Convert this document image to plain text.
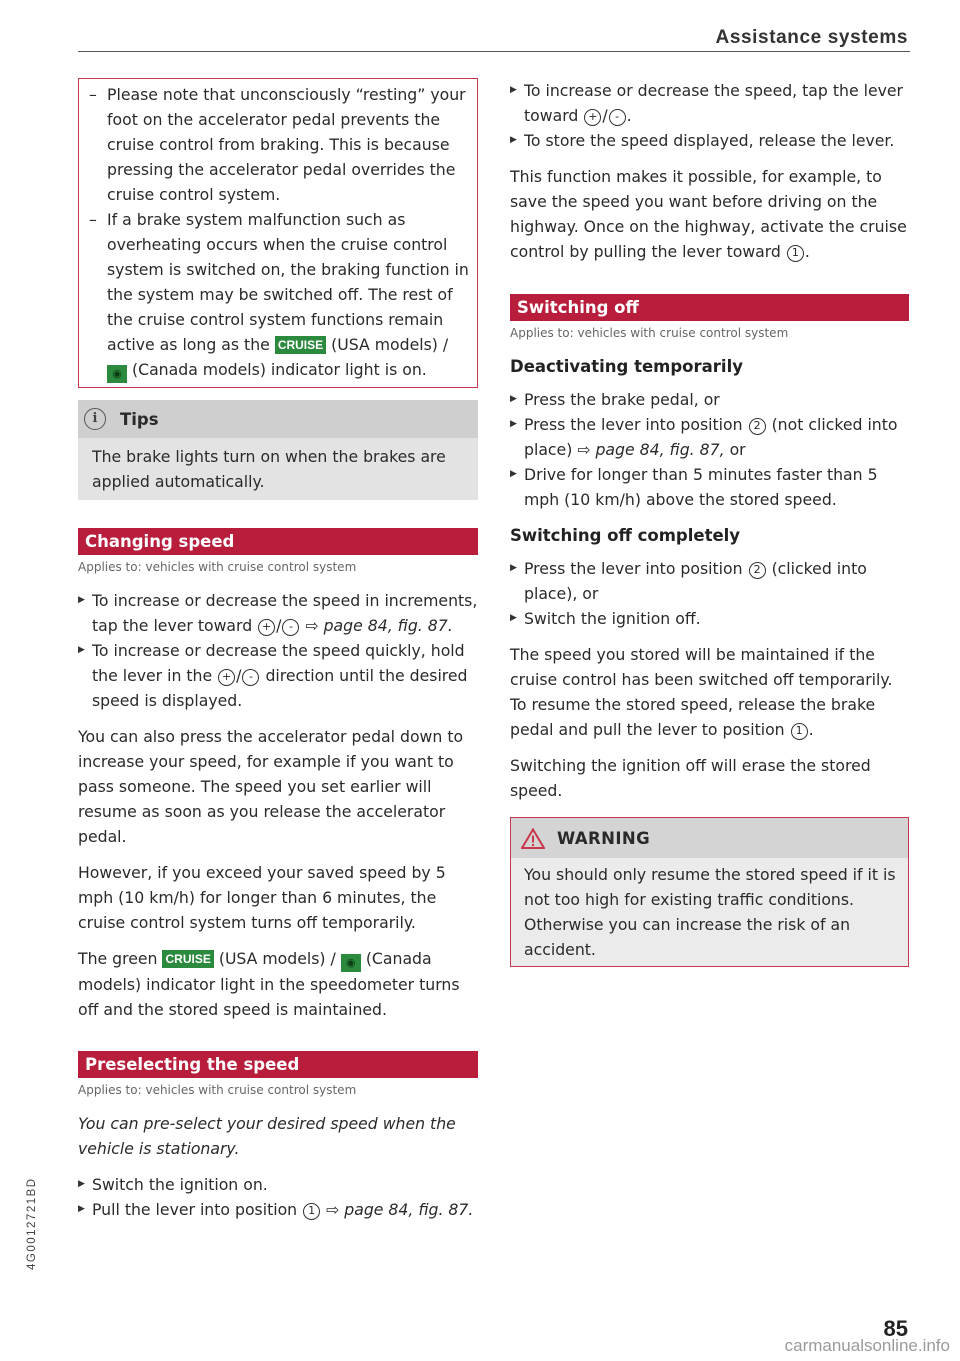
Assistance systems
– Please note that unconsciously “resting” your foot on the accelerator pedal prevents the cruise control from braking. This is because pressing the accelerator pedal overrides the cruise control system.
– If a brake system malfunction such as overheating occurs when the cruise control system is switched on, the braking function in the system may be switched off. The rest of the cruise control system functions remain active as long as the CRUISE (USA models) / ◉ (Canada models) indicator light is on.
i	Tips
The brake lights turn on when the brakes are applied automatically.
Changing speed
Applies to: vehicles with cruise control system
▶ To increase or decrease the speed in increments, tap the lever toward + / - ⇨ page 84, fig. 87.
▶ To increase or decrease the speed quickly, hold the lever in the + / - direction until the desired speed is displayed.
You can also press the accelerator pedal down to increase your speed, for example if you want to pass someone. The speed you set earlier will resume as soon as you release the accelerator pedal.
However, if you exceed your saved speed by 5 mph (10 km/h) for longer than 6 minutes, the cruise control system turns off temporarily.
The green CRUISE (USA models) / ◉ (Canada models) indicator light in the speedometer turns off and the stored speed is maintained.
Preselecting the speed
Applies to: vehicles with cruise control system
You can pre-select your desired speed when the vehicle is stationary.
▶ Switch the ignition on.
▶ Pull the lever into position 1 ⇨ page 84, fig. 87.
▶ To increase or decrease the speed, tap the lever toward + / - .
▶ To store the speed displayed, release the lever.
This function makes it possible, for example, to save the speed you want before driving on the highway. Once on the highway, activate the cruise control by pulling the lever toward 1 .
Switching off
Applies to: vehicles with cruise control system
Deactivating temporarily
▶ Press the brake pedal, or
▶ Press the lever into position 2 (not clicked into place) ⇨ page 84, fig. 87, or
▶ Drive for longer than 5 minutes faster than 5 mph (10 km/h) above the stored speed.
Switching off completely
▶ Press the lever into position 2 (clicked into place), or
▶ Switch the ignition off.
The speed you stored will be maintained if the cruise control has been switched off temporarily. To resume the stored speed, release the brake pedal and pull the lever to position 1 .
Switching the ignition off will erase the stored speed.
WARNING
You should only resume the stored speed if it is not too high for existing traffic conditions. Otherwise you can increase the risk of an accident.
4G0012721BD
85
carmanualsonline.info
